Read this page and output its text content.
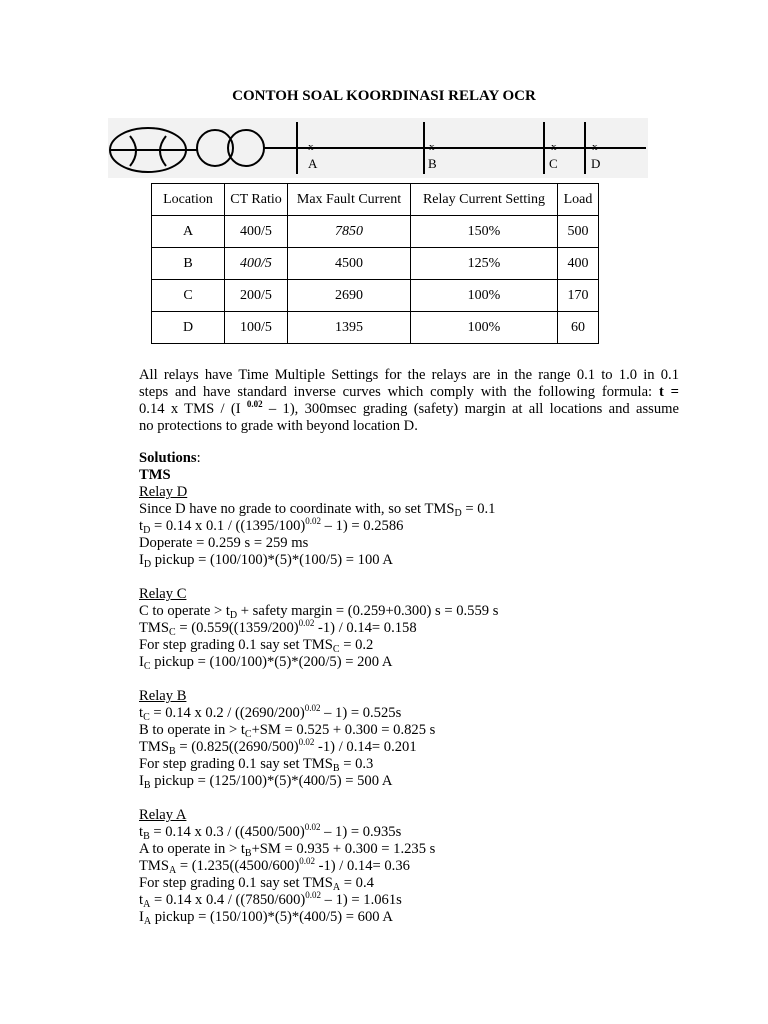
CONTOH SOAL KOORDINASI RELAY OCR
x	x	x	x
A	B	C	D
Location	CT Ratio	Max Fault Current	Relay Current Setting	Load
A	400/5	7850	150%	500
B	400/5	4500	125%	400
C	200/5	2690	100%	170
D	100/5	1395	100%	60

All relays have Time Multiple Settings for the relays are in the range 0.1 to 1.0 in 0.1

steps and have standard inverse curves which comply with the following formula: t =

0.14 x TMS / (I $^{0.02}$ – 1), 300msec grading (safety) margin at all locations and assume

no protections to grade with beyond location D.

Solutions:
TMS
Relay D
Since D have no grade to coordinate with, so set $TMS_D = 0.1$
$t_D = 0.14$ x $0.1 / ((1395/100)^{0.02} - 1) = 0.2586$
Doperate = 0.259 s = 259 ms
$I_D$ pickup = (100/100)*(5)*(100/5) = 100 A
Relay C
C to operate > $t_D$ + safety margin = (0.259+0.300) s = 0.559 s
$TMS_C = (0.559((1359/200)^{0.02}$ -1) / 0.14= 0.158
For step grading 0.1 say set $TMS_C = 0.2$
$I_C$ pickup = (100/100)*(5)*(200/5) = 200 A
Relay B
$t_C = 0.14$ x $0.2 / ((2690/200)^{0.02} - 1) = 0.525s$
B to operate in > $t_C+SM = 0.525 + 0.300 = 0.825$ s
$TMS_B = (0.825((2690/500)^{0.02}$ -1) / 0.14= 0.201
For step grading 0.1 say set $TMS_B = 0.3$
$I_B$ pickup = (125/100)*(5)*(400/5) = 500 A
Relay A
$t_B = 0.14$ x $0.3 / ((4500/500)^{0.02} - 1) = 0.935s$
A to operate in > $t_B+SM = 0.935 + 0.300 = 1.235$ s
$TMS_A = (1.235((4500/600)^{0.02}$ -1) / 0.14= 0.36
For step grading 0.1 say set $TMS_A = 0.4$
$t_A = 0.14$ x $0.4 / ((7850/600)^{0.02} - 1) = 1.061s$
$I_A$ pickup = (150/100)*(5)*(400/5) = 600 A
